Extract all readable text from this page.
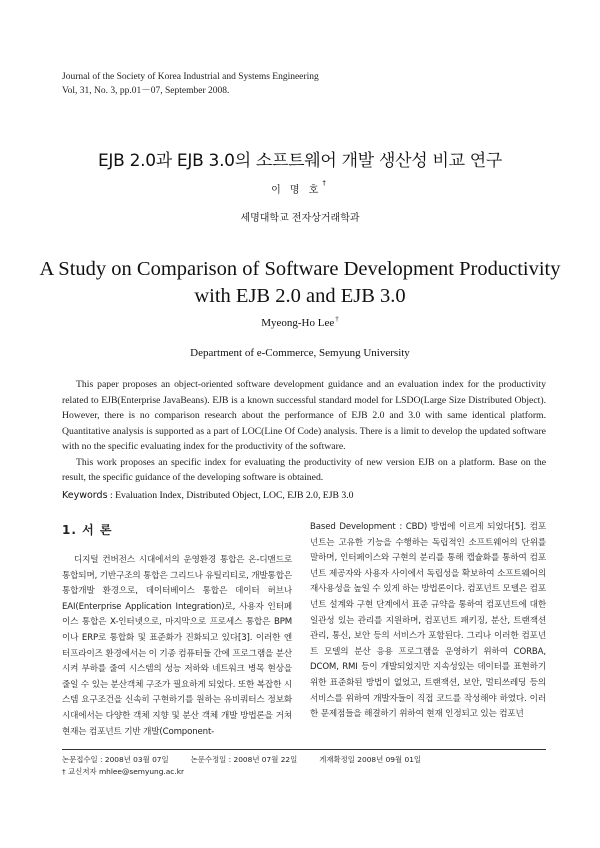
Journal of the Society of Korea Industrial and Systems Engineering
Vol, 31, No. 3, pp.01－07, September 2008.
EJB 2.0과 EJB 3.0의 소프트웨어 개발 생산성 비교 연구
이 명 호†
세명대학교 전자상거래학과
A Study on Comparison of Software Development Productivity
with EJB 2.0 and EJB 3.0
Myeong-Ho Lee†
Department of e-Commerce, Semyung University

This paper proposes an object-oriented software development guidance and an evaluation index for the productivity related to EJB(Enterprise JavaBeans). EJB is a known successful standard model for LSDO(Large Size Distributed Object). However, there is no comparison research about the performance of EJB 2.0 and 3.0 with same identical platform. Quantitative analysis is supported as a part of LOC(Line Of Code) analysis. There is a limit to develop the updated software with no the specific evaluating index for the productivity of the software.

This work proposes an specific index for evaluating the productivity of new version EJB on a platform. Base on the result, the specific guidance of the developing software is obtained.

Keywords : Evaluation Index, Distributed Object, LOC, EJB 2.0, EJB 3.0
1. 서 론

디지털 컨버전스 시대에서의 운영환경 통합은 온-디맨드로 통합되며, 기반구조의 통합은 그리드나 유틸리티로, 개발통합은 통합개발 환경으로, 데이터베이스 통합은 데이터 허브나 EAI(Enterprise Application Integration)로, 사용자 인터페이스 통합은 X-인터넷으로, 마지막으로 프로세스 통합은 BPM이나 ERP로 통합화 및 표준화가 진화되고 있다[3]. 이러한 엔터프라이즈 환경에서는 이 기종 컴퓨터들 간에 프로그램을 분산시켜 부하를 줄여 시스템의 성능 저하와 네트워크 병목 현상을 줄일 수 있는 분산객체 구조가 필요하게 되었다. 또한 복잡한 시스템 요구조건을 신속히 구현하기를 원하는 유비쿼터스 정보화 시대에서는 다양한 객체 지향 및 분산 객체 개발 방법론을 거쳐 현재는 컴포넌트 기반 개발(Component-

Based Development : CBD) 방법에 이르게 되었다[5]. 컴포넌트는 고유한 기능을 수행하는 독립적인 소프트웨어의 단위를 말하며, 인터페이스와 구현의 분리를 통해 캡슐화를 통하여 컴포넌트 제공자와 사용자 사이에서 독립성을 확보하여 소프트웨어의 재사용성을 높일 수 있게 하는 방법론이다. 컴포넌트 모델은 컴포넌트 설계와 구현 단계에서 표준 규약을 통하여 컴포넌트에 대한 일관성 있는 관리를 지원하며, 컴포넌트 패키징, 분산, 트랜잭션 관리, 통신, 보안 등의 서비스가 포함된다. 그리나 이러한 컴포넌트 모델의 분산 응용 프로그램을 운영하기 위하여 CORBA, DCOM, RMI 등이 개발되었지만 지속성있는 데이터를 표현하기 위한 표준화된 방법이 없었고, 트랜잭션, 보안, 멀티쓰레딩 등의 서비스를 위하여 개발자들이 직접 코드를 작성해야 하였다. 이러한 문제점들을 해결하기 위하여 현재 인정되고 있는 컴포넌

논문접수일 : 2008년 03월 07일	논문수정일 : 2008년 07월 22일	게재확정일 2008년 09월 01일
† 교신저자 mhlee@semyung.ac.kr
